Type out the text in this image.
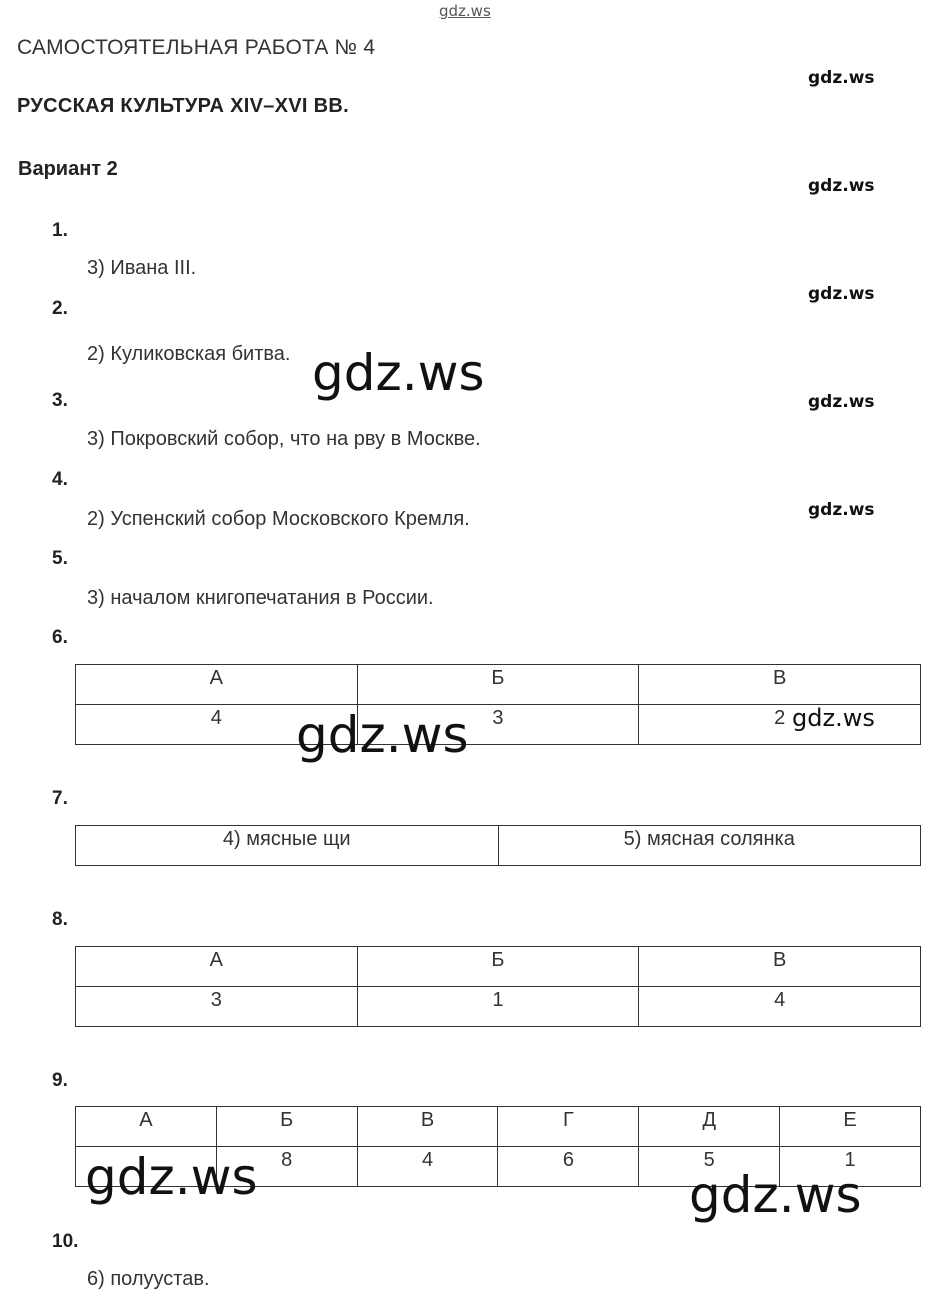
gdz.ws
gdz.ws
gdz.ws
gdz.ws
gdz.ws
gdz.ws
САМОСТОЯТЕЛЬНАЯ РАБОТА № 4
РУССКАЯ КУЛЬТУРА XIV–XVI ВВ.
Вариант 2
1.
3) Ивана III.
2.
2) Куликовская битва.
3.
3) Покровский собор, что на рву в Москве.
4.
2) Успенский собор Московского Кремля.
5.
3) началом книгопечатания в России.
6.
А	Б	В
4	3	2
7.
4) мясные щи	5) мясная солянка
8.
А	Б	В
3	1	4
9.
А	Б	В	Г	Д	Е
	8	4	6	5	1
10.
6) полуустав.
gdz.ws
gdz.ws	gdz.ws
gdz.ws	gdz.ws
